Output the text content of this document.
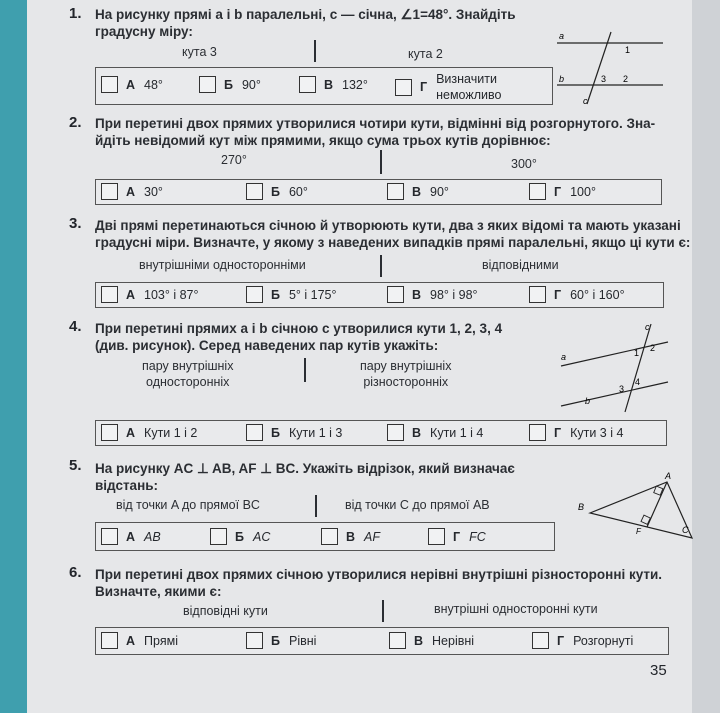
1. На рисунку прямі a і b паралельні, c — січна, ∠1=48°. Знайдіть
градусну міру:
кута 3	кута 2
А 48°	Б 90°	В 132°	Г
Визначити
неможливо
a
b
c
1
2
3
2. При перетині двох прямих утворилися чотири кути, відмінні від розгорнутого. Зна-
йдіть невідомий кут між прямими, якщо сума трьох кутів дорівнює:
270°	300°
А 30°	Б 60°	В 90°	Г 100°
3. Дві прямі перетинаються січною й утворюють кути, два з яких відомі та мають указані
градусні міри. Визначте, у якому з наведених випадків прямі паралельні, якщо ці кути є:
внутрішніми односторонніми	відповідними
А 103° і 87°	Б 5° і 175°	В 98° і 98°	Г 60° і 160°
4. При перетині прямих a і b січною c утворилися кути 1, 2, 3, 4
(див. рисунок). Серед наведених пар кутів укажіть:
пару внутрішніх
односторонніх
пару внутрішніх
різносторонніх
А Кути 1 і 2	Б Кути 1 і 3	В Кути 1 і 4	Г Кути 3 і 4
c
a
b
1 2
3
4
5. На рисунку AC ⊥ AB, AF ⊥ BC. Укажіть відрізок, який визначає
відстань:
від точки A до прямої BC	від точки C до прямої AB
А AB	Б AC	В AF	Г FC
A
B
F	C
6. При перетині двох прямих січною утворилися нерівні внутрішні різносторонні кути.
Визначте, якими є:
відповідні кути	внутрішні односторонні кути
А Прямі	Б Рівні	В Нерівні	Г Розгорнуті
35
